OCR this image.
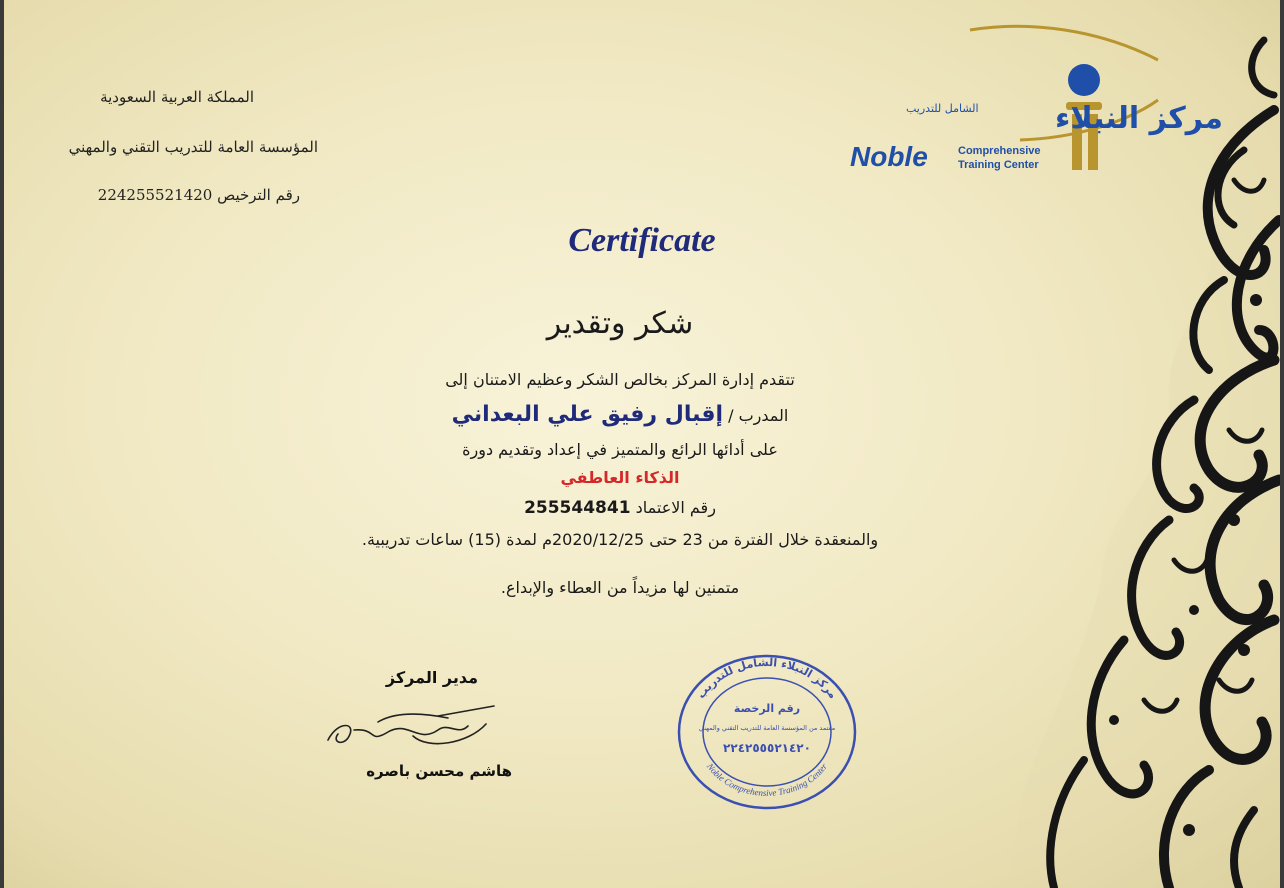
المملكة العربية السعودية
المؤسسة العامة للتدريب التقني والمهني
رقم الترخيص 224255521420
مركز النبلاء
الشامل للتدريب
Noble	Comprehensive
Training Center
Certificate
شكر وتقدير
تتقدم إدارة المركز بخالص الشكر وعظيم الامتنان إلى
المدرب / إقبال رفيق علي البعداني
على أدائها الرائع والمتميز في إعداد وتقديم دورة
الذكاء العاطفي
رقم الاعتماد 255544841
والمنعقدة خلال الفترة من 23 حتى 2020/12/25م لمدة (15) ساعات تدريبية.
متمنين لها مزيداً من العطاء والإبداع.
مدير المركز
هاشم محسن باصره
مركز النبلاء الشامل للتدريب
Noble Comprehensive Training Center
رقم الرخصة
معتمد من المؤسسة العامة للتدريب التقني والمهني
٢٢٤٢٥٥٥٢١٤٢٠
